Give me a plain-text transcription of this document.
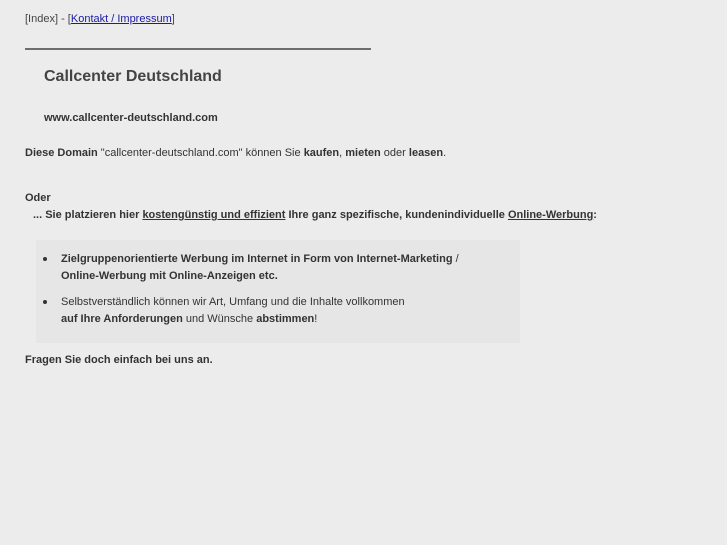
[Index] - [Kontakt / Impressum]
Callcenter Deutschland
www.callcenter-deutschland.com
Diese Domain "callcenter-deutschland.com" können Sie kaufen, mieten oder leasen.
Oder
... Sie platzieren hier kostengünstig und effizient Ihre ganz spezifische, kundenindividuelle Online-Werbung:
Zielgruppenorientierte Werbung im Internet in Form von Internet-Marketing /
Online-Werbung mit Online-Anzeigen etc.
Selbstverständlich können wir Art, Umfang und die Inhalte vollkommen
auf Ihre Anforderungen und Wünsche abstimmen!
Fragen Sie doch einfach bei uns an.
